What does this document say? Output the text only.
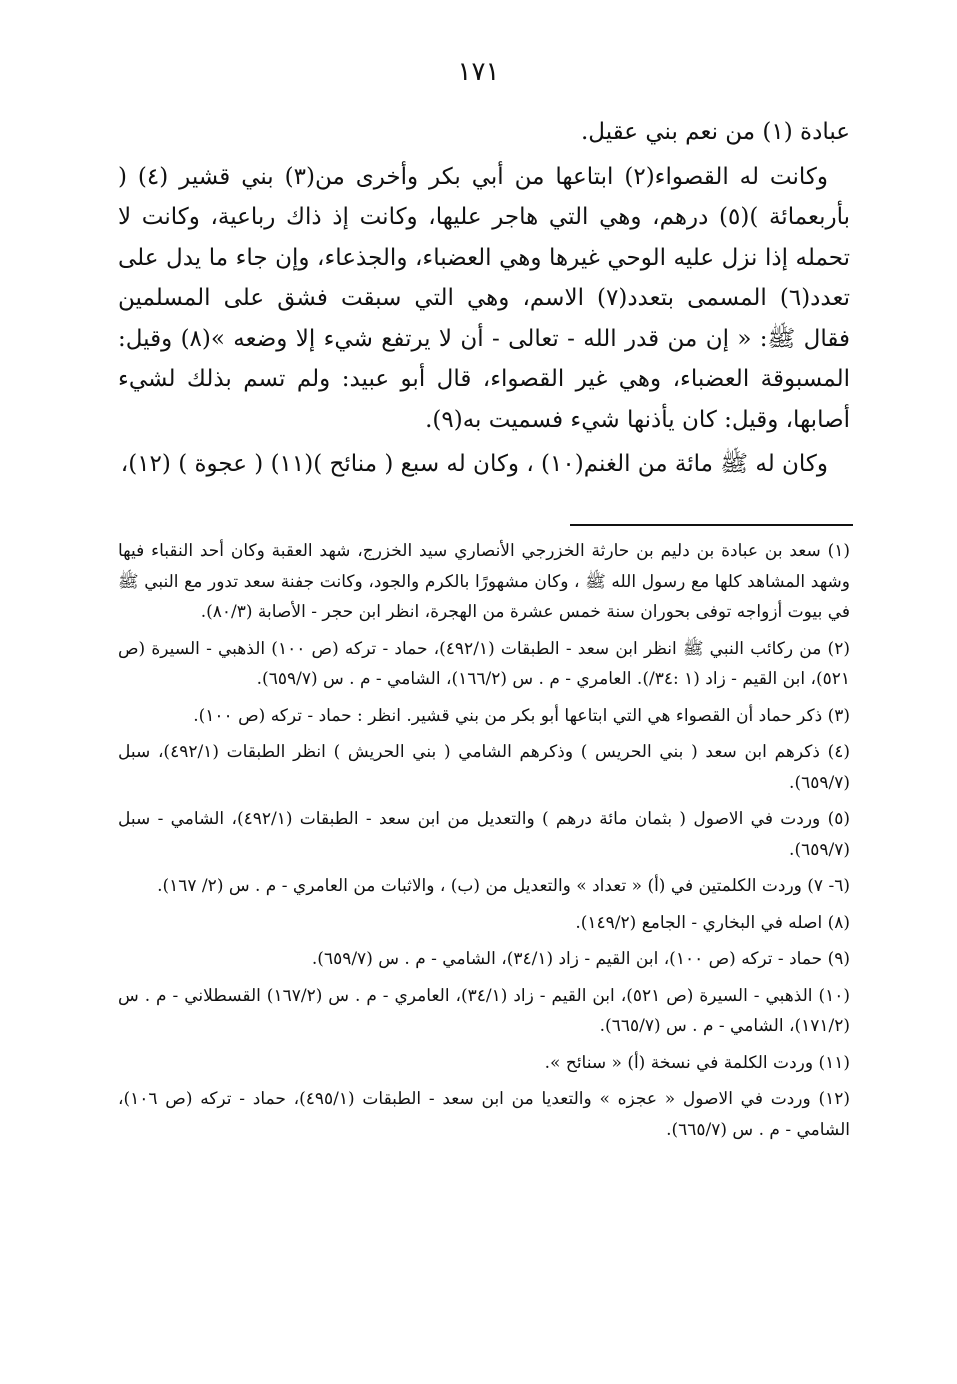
١٧١

عبادة (١) من نعم بني عقيل.

وكانت له القصواء(٢) ابتاعها من أبي بكر وأخرى من(٣) بني قشير (٤) ( بأربعمائة )(٥) درهم، وهي التي هاجر عليها، وكانت إذ ذاك رباعية، وكانت لا تحمله إذا نزل عليه الوحي غيرها وهي العضباء، والجذعاء، وإن جاء ما يدل على تعدد(٦) المسمى بتعدد(٧) الاسم، وهي التي سبقت فشق على المسلمين فقال ﷺ: « إن من قدر الله - تعالى - أن لا يرتفع شيء إلا وضعه »(٨) وقيل: المسبوقة العضباء، وهي غير القصواء، قال أبو عبيد: ولم تسم بذلك لشيء أصابها، وقيل: كان يأذنها شيء فسميت به(٩).

وكان له ﷺ مائة من الغنم(١٠) ، وكان له سبع ( منائح )(١١) ( عجوة ) (١٢)،

(١) سعد بن عبادة بن دليم بن حارثة الخزرجي الأنصاري سيد الخزرج، شهد العقبة وكان أحد النقباء فيها وشهد المشاهد كلها مع رسول الله ﷺ ، وكان مشهورًا بالكرم والجود، وكانت جفنة سعد تدور مع النبي ﷺ في بيوت أزواجه توفى بحوران سنة خمس عشرة من الهجرة، انظر ابن حجر - الأصابة (٨٠/٣).

(٢) من ركائب النبي ﷺ انظر ابن سعد - الطبقات (٤٩٢/١)، حماد - تركه (ص ١٠٠) الذهبي - السيرة (ص ٥٢١)، ابن القيم - زاد (١ :٣٤/). العامري - م . س (١٦٦/٢)، الشامي - م . س (٦٥٩/٧).

(٣) ذكر حماد أن القصواء هي التي ابتاعها أبو بكر من بني قشير. انظر : حماد - تركه (ص ١٠٠).

(٤) ذكرهم ابن سعد ( بني الحريس ) وذكرهم الشامي ( بني الحريش ) انظر الطبقات (٤٩٢/١)، سبل (٦٥٩/٧).

(٥) وردت في الاصول ( بثمان مائة درهم ) والتعديل من ابن سعد - الطبقات (٤٩٢/١)، الشامي - سبل (٦٥٩/٧).

(٦- ٧) وردت الكلمتين في (أ) « تعداد » والتعديل من (ب) ، والاثبات من العامري - م . س (٢/ ١٦٧).

(٨) اصله في البخاري - الجامع (١٤٩/٢).

(٩) حماد - تركه (ص ١٠٠)، ابن القيم - زاد (٣٤/١)، الشامي - م . س (٦٥٩/٧).

(١٠) الذهبي - السيرة (ص ٥٢١)، ابن القيم - زاد (٣٤/١)، العامري - م . س (١٦٧/٢) القسطلاني - م . س (١٧١/٢)، الشامي - م . س (٦٦٥/٧).

(١١) وردت الكلمة في نسخة (أ) « سنائح ».

(١٢) وردت في الاصول « عجزه » والتعديا من ابن سعد - الطبقات (٤٩٥/١)، حماد - تركه (ص ١٠٦)، الشامي - م . س (٦٦٥/٧).
